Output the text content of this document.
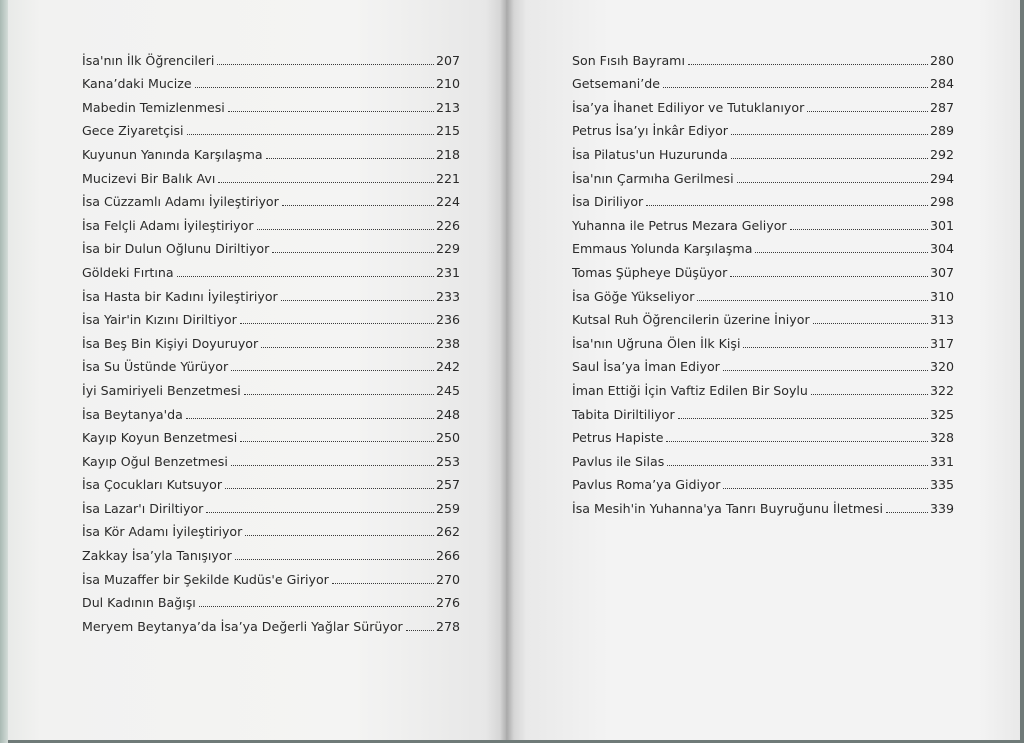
İsa'nın İlk Öğrencileri	207
Kana’daki Mucize	210
Mabedin Temizlenmesi	213
Gece Ziyaretçisi	215
Kuyunun Yanında Karşılaşma	218
Mucizevi Bir Balık Avı	221
İsa Cüzzamlı Adamı İyileştiriyor	224
İsa Felçli Adamı İyileştiriyor	226
İsa bir Dulun Oğlunu Diriltiyor	229
Göldeki Fırtına	231
İsa Hasta bir Kadını İyileştiriyor	233
İsa Yair'in Kızını Diriltiyor	236
İsa Beş Bin Kişiyi Doyuruyor	238
İsa Su Üstünde Yürüyor	242
İyi Samiriyeli Benzetmesi	245
İsa Beytanya'da	248
Kayıp Koyun Benzetmesi	250
Kayıp Oğul Benzetmesi	253
İsa Çocukları Kutsuyor	257
İsa Lazar'ı Diriltiyor	259
İsa Kör Adamı İyileştiriyor	262
Zakkay İsa’yla Tanışıyor	266
İsa Muzaffer bir Şekilde Kudüs'e Giriyor	270
Dul Kadının Bağışı	276
Meryem Beytanya’da İsa’ya Değerli Yağlar Sürüyor	278
Son Fısıh Bayramı	280
Getsemani’de	284
İsa’ya İhanet Ediliyor ve Tutuklanıyor	287
Petrus İsa’yı İnkâr Ediyor	289
İsa Pilatus'un Huzurunda	292
İsa'nın Çarmıha Gerilmesi	294
İsa Diriliyor	298
Yuhanna ile Petrus Mezara Geliyor	301
Emmaus Yolunda Karşılaşma	304
Tomas Şüpheye Düşüyor	307
İsa Göğe Yükseliyor	310
Kutsal Ruh Öğrencilerin üzerine İniyor	313
İsa'nın Uğruna Ölen İlk Kişi	317
Saul İsa’ya İman Ediyor	320
İman Ettiği İçin Vaftiz Edilen Bir Soylu	322
Tabita Diriltiliyor	325
Petrus Hapiste	328
Pavlus ile Silas	331
Pavlus Roma’ya Gidiyor	335
İsa Mesih'in Yuhanna'ya Tanrı Buyruğunu İletmesi	339
